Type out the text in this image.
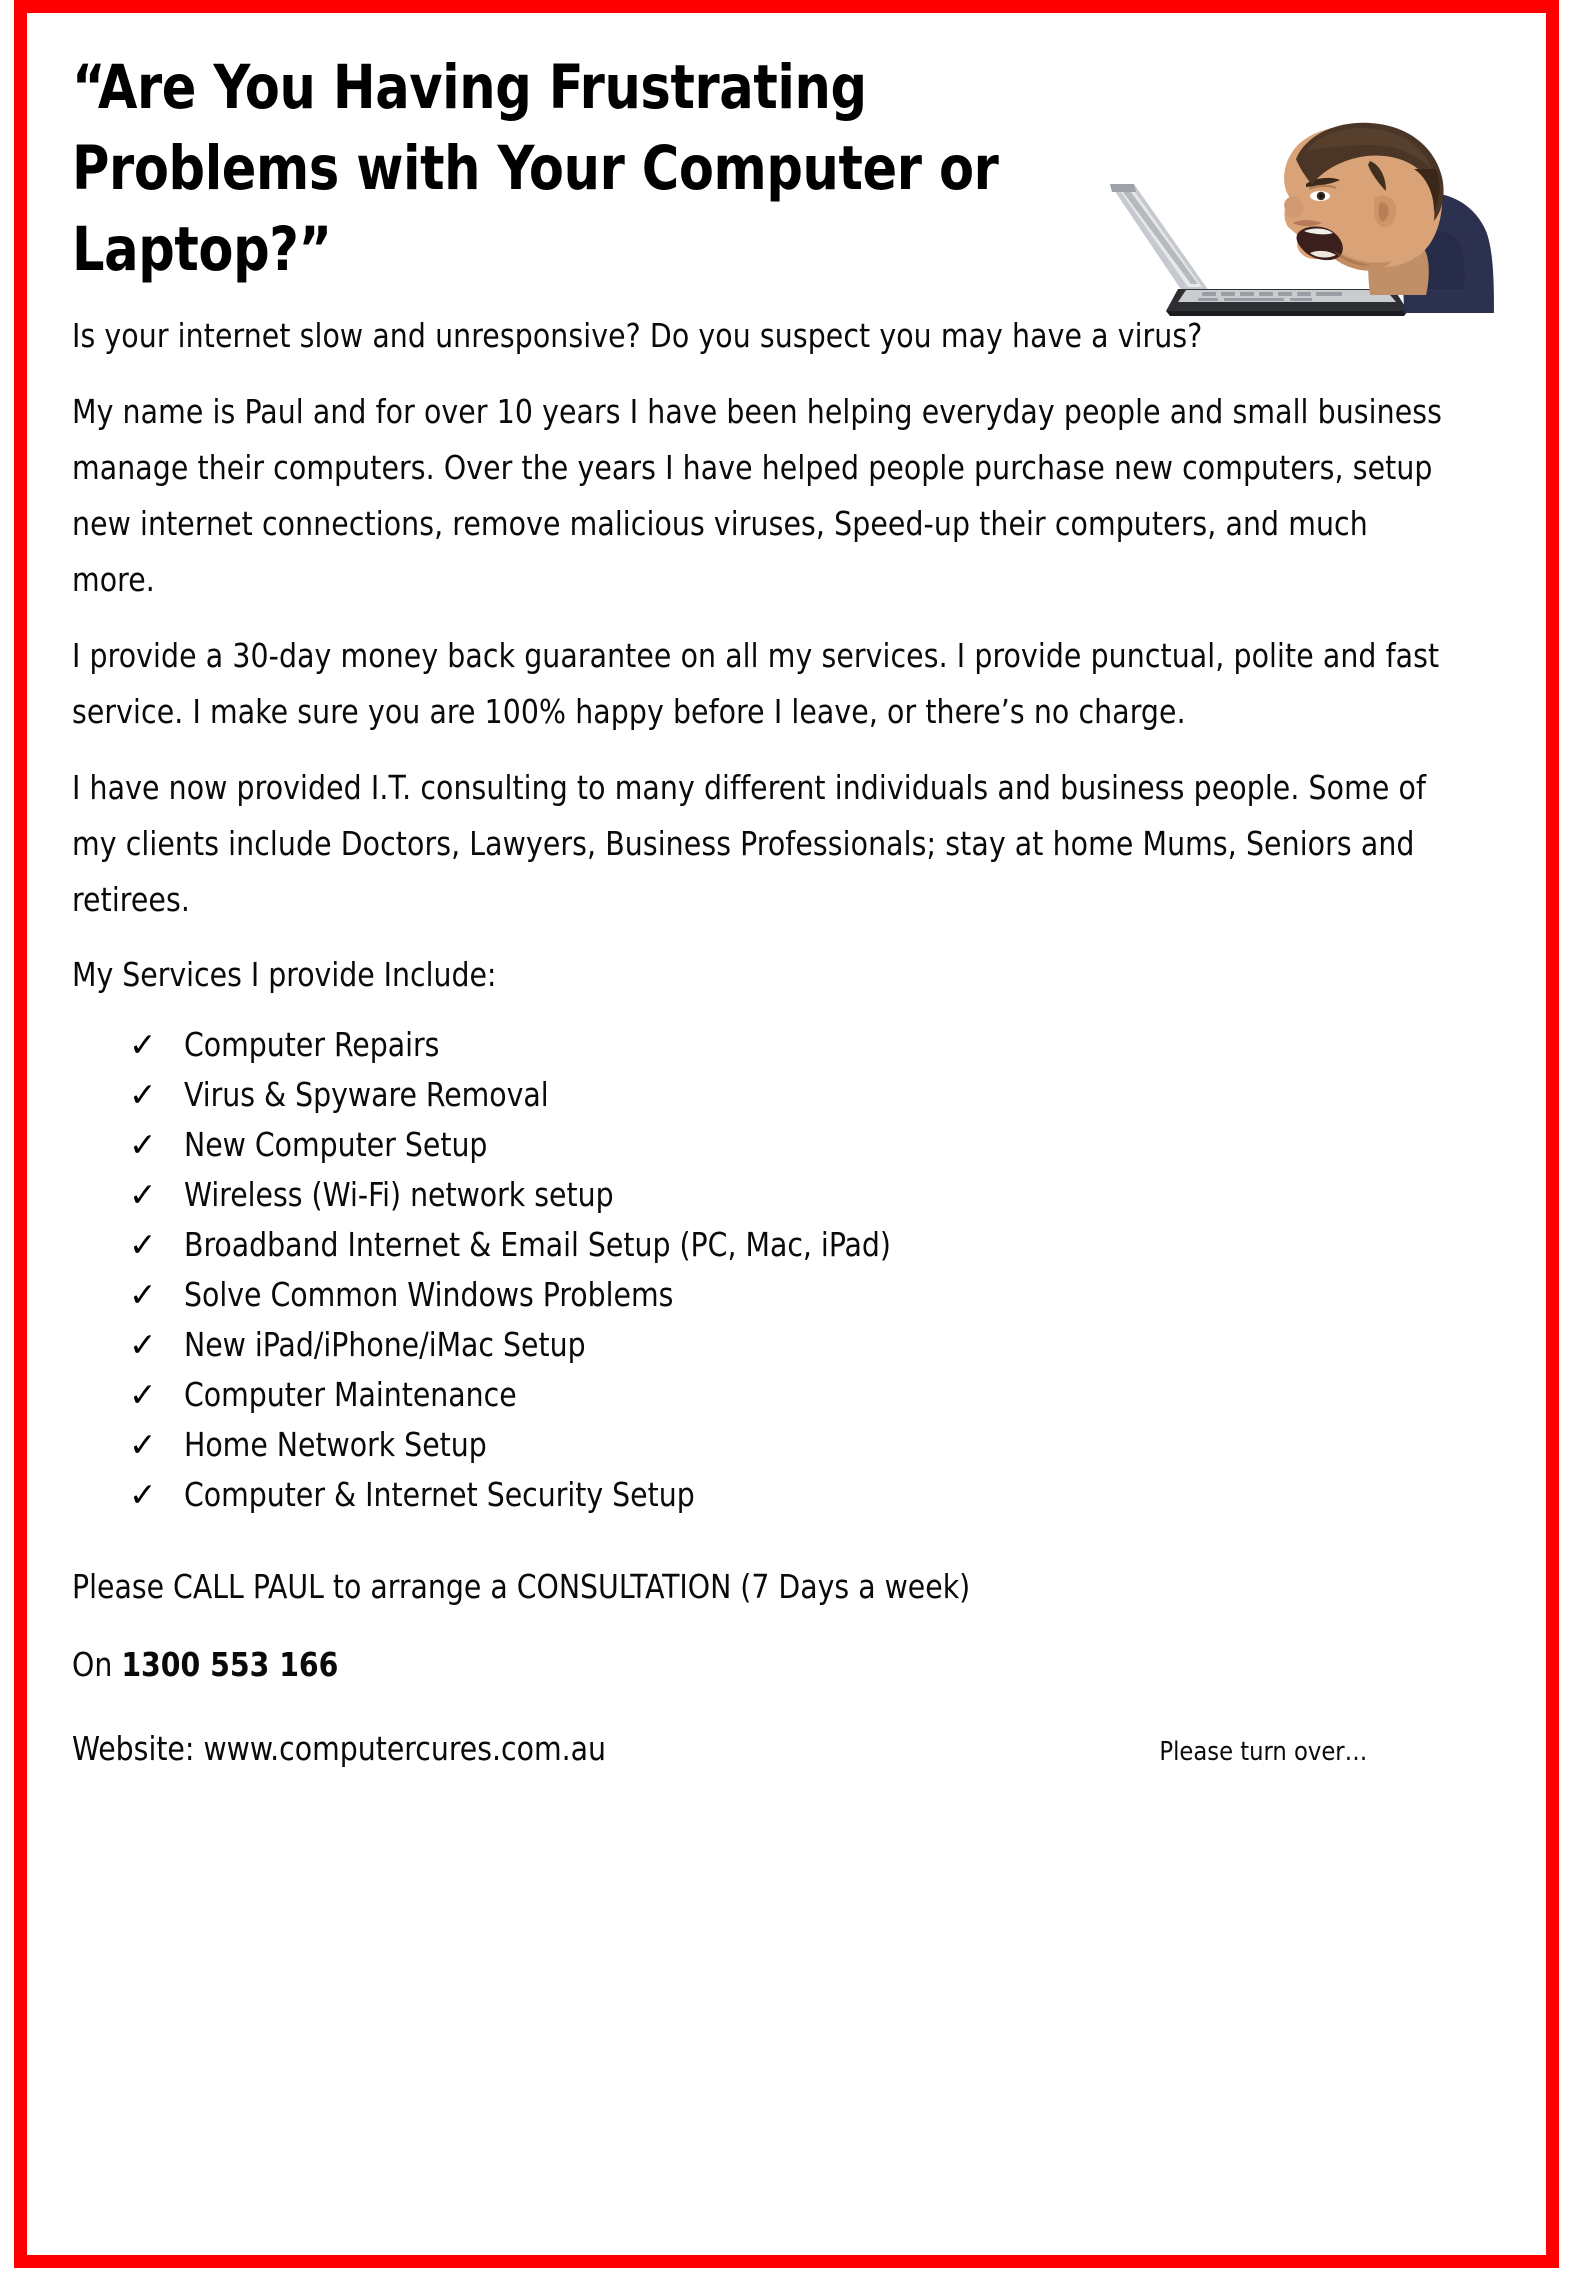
“Are You Having Frustrating Problems with Your Computer or Laptop?”

Is your internet slow and unresponsive? Do you suspect you may have a virus?

My name is Paul and for over 10 years I have been helping everyday people and small business manage their computers. Over the years I have helped people purchase new computers, setup new internet connections, remove malicious viruses, Speed-up their computers, and much more.

I provide a 30-day money back guarantee on all my services. I provide punctual, polite and fast service. I make sure you are 100% happy before I leave, or there’s no charge.

I have now provided I.T. consulting to many different individuals and business people. Some of my clients include Doctors, Lawyers, Business Professionals; stay at home Mums, Seniors and retirees.

My Services I provide Include:
✓ Computer Repairs
✓ Virus & Spyware Removal
✓ New Computer Setup
✓ Wireless (Wi-Fi) network setup
✓ Broadband Internet & Email Setup (PC, Mac, iPad)
✓ Solve Common Windows Problems
✓ New iPad/iPhone/iMac Setup
✓ Computer Maintenance
✓ Home Network Setup
✓ Computer & Internet Security Setup

Please CALL PAUL to arrange a CONSULTATION (7 Days a week)

On 1300 553 166

Website: www.computercures.com.au	Please turn over…
